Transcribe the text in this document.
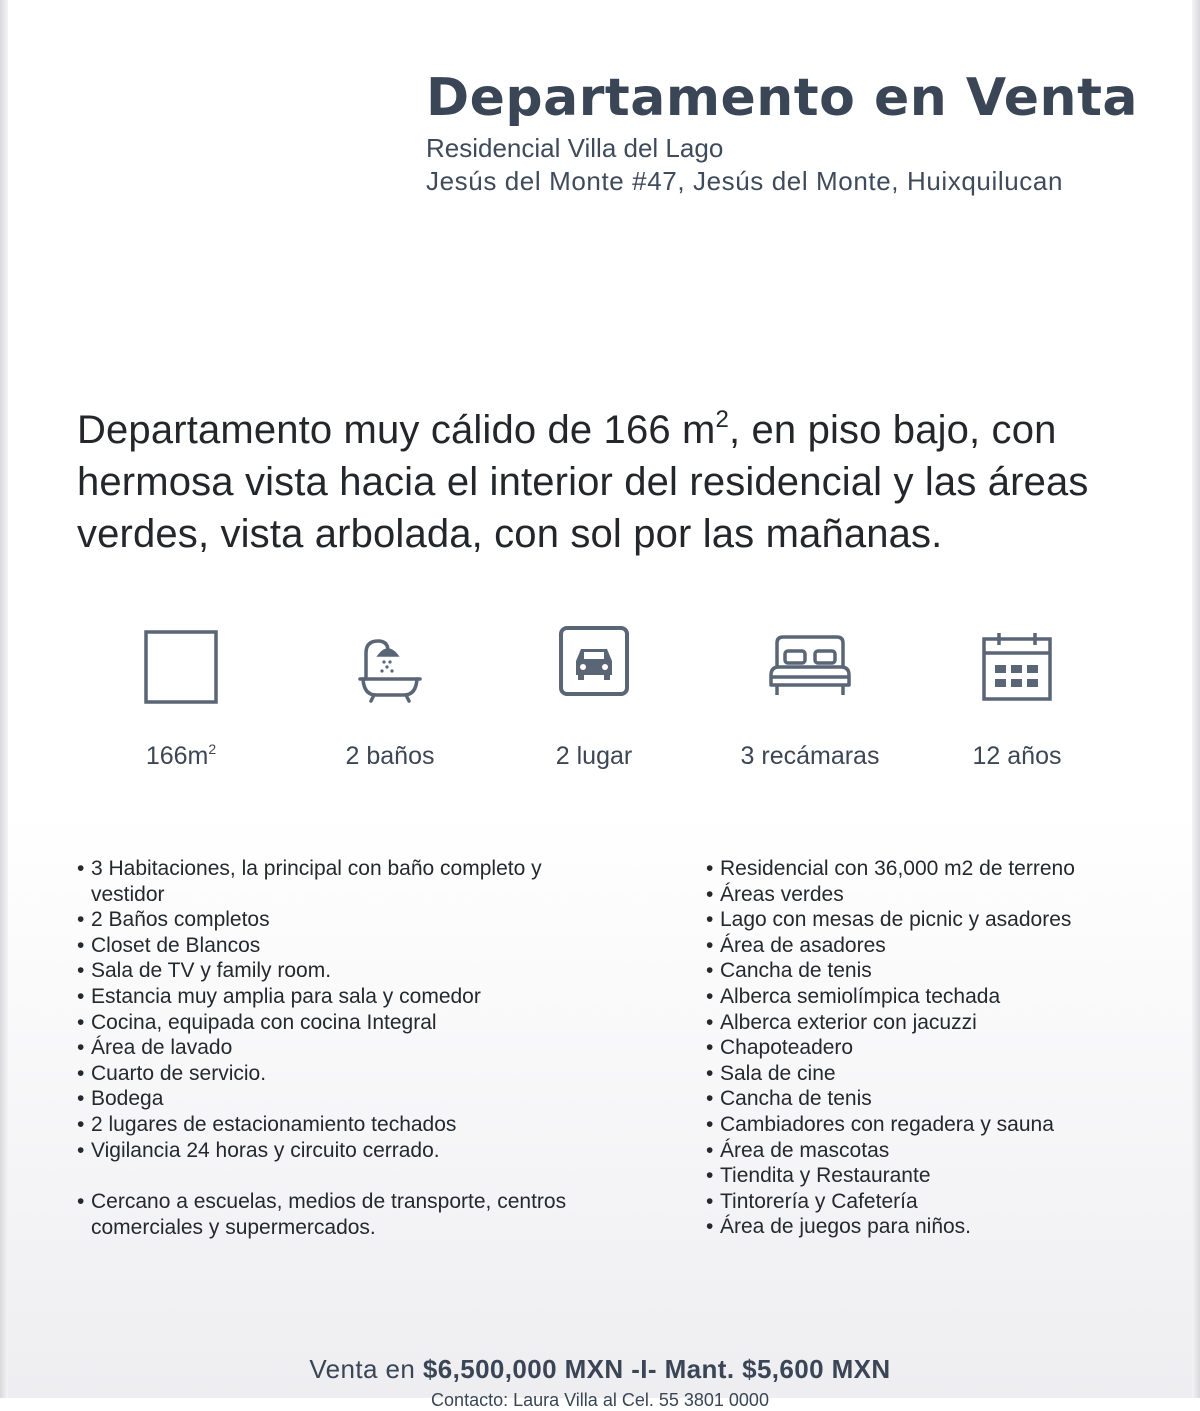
Departamento en Venta
Residencial Villa del Lago
Jesús del Monte #47, Jesús del Monte, Huixquilucan

Departamento muy cálido de 166 $m^2$, en piso bajo, con hermosa vista hacia el interior del residencial y las áreas verdes, vista arbolada, con sol por las mañanas.

$166m^2$	2 baños	2 lugar	3 recámaras	12 años
• 3 Habitaciones, la principal con baño completo y vestidor
• 2 Baños completos
• Closet de Blancos
• Sala de TV y family room.
• Estancia muy amplia para sala y comedor
• Cocina, equipada con cocina Integral
• Área de lavado
• Cuarto de servicio.
• Bodega
• 2 lugares de estacionamiento techados
• Vigilancia 24 horas y circuito cerrado.
• Cercano a escuelas, medios de transporte, centros comerciales y supermercados.
• Residencial con 36,000 m2 de terreno
• Áreas verdes
• Lago con mesas de picnic y asadores
• Área de asadores
• Cancha de tenis
• Alberca semiolímpica techada
• Alberca exterior con jacuzzi
• Chapoteadero
• Sala de cine
• Cancha de tenis
• Cambiadores con regadera y sauna
• Área de mascotas
• Tiendita y Restaurante
• Tintorería y Cafetería
• Área de juegos para niños.
Venta en $6,500,000 MXN -I- Mant. $5,600 MXN
Contacto: Laura Villa al Cel. 55 3801 0000
